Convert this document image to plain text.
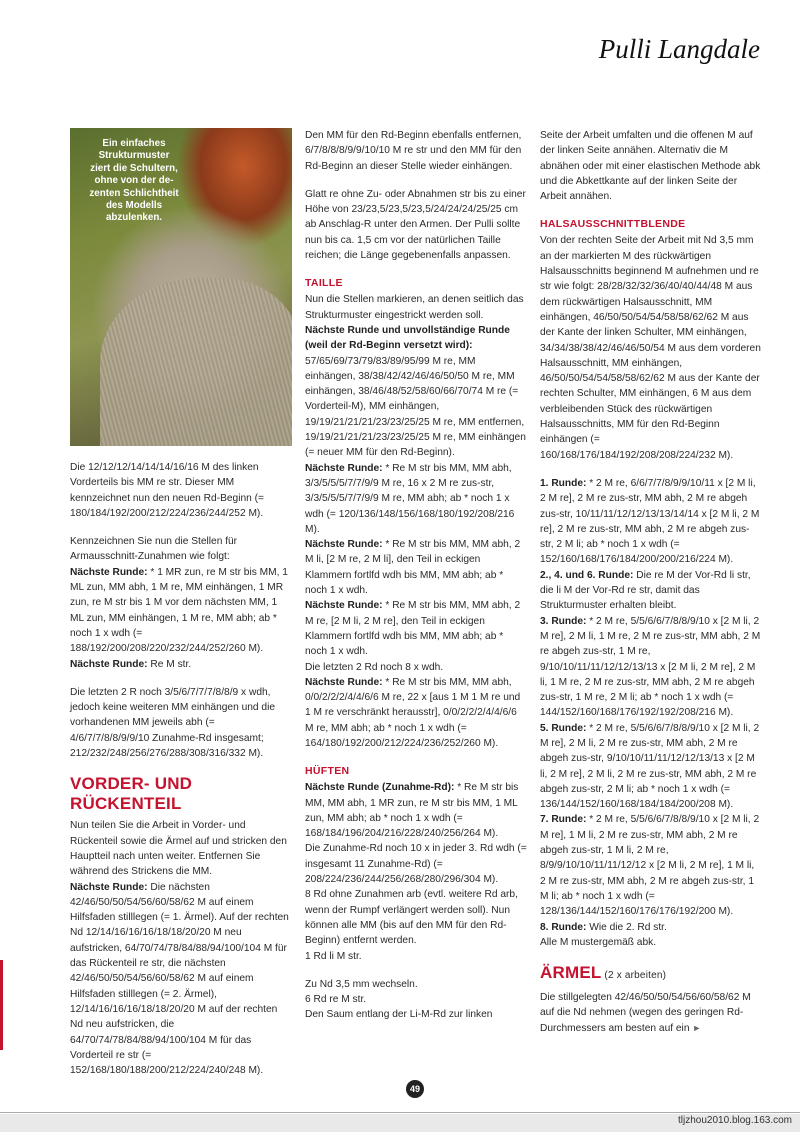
Pulli Langdale
Ein einfaches
Strukturmuster
ziert die Schultern,
ohne von der de-
zenten Schlichtheit
des Modells
abzulenken.

Die 12/12/12/14/14/14/16/16 M des linken Vorderteils bis MM re str. Dieser MM kennzeichnet nun den neuen Rd-Beginn (= 180/184/192/200/212/224/236/244/252 M).

Kennzeichnen Sie nun die Stellen für Armausschnitt-Zunahmen wie folgt:

Nächste Runde: * 1 MR zun, re M str bis MM, 1 ML zun, MM abh, 1 M re, MM einhängen, 1 MR zun, re M str bis 1 M vor dem nächsten MM, 1 ML zun, MM einhängen, 1 M re, MM abh; ab * noch 1 x wdh (= 188/192/200/208/220/232/244/252/260 M).

Nächste Runde: Re M str.

Die letzten 2 R noch 3/5/6/7/7/7/8/8/9 x wdh, jedoch keine weiteren MM einhängen und die vorhandenen MM jeweils abh (= 4/6/7/7/8/8/9/9/10 Zunahme-Rd insgesamt; 212/232/248/256/276/288/308/316/332 M).

VORDER- UND RÜCKENTEIL

Nun teilen Sie die Arbeit in Vorder- und Rückenteil sowie die Ärmel auf und stricken den Hauptteil nach unten weiter. Entfernen Sie während des Strickens die MM.

Nächste Runde: Die nächsten 42/46/50/50/54/56/60/58/62 M auf einem Hilfsfaden stilllegen (= 1. Ärmel). Auf der rechten Nd 12/14/16/16/16/18/18/20/20 M neu aufstricken, 64/70/74/78/84/88/94/100/104 M für das Rückenteil re str, die nächsten 42/46/50/50/54/56/60/58/62 M auf einem Hilfsfaden stilllegen (= 2. Ärmel), 12/14/16/16/16/18/18/20/20 M auf der rechten Nd neu aufstricken, die 64/70/74/78/84/88/94/100/104 M für das Vorderteil re str (= 152/168/180/188/200/212/224/240/248 M).

Den MM für den Rd-Beginn ebenfalls entfernen, 6/7/8/8/8/9/9/10/10 M re str und den MM für den Rd-Beginn an dieser Stelle wieder einhängen.

Glatt re ohne Zu- oder Abnahmen str bis zu einer Höhe von 23/23,5/23,5/23,5/24/24/24/25/25 cm ab Anschlag-R unter den Armen. Der Pulli sollte nun bis ca. 1,5 cm vor der natürlichen Taille reichen; die Länge gegebenenfalls anpassen.

TAILLE

Nun die Stellen markieren, an denen seitlich das Strukturmuster eingestrickt werden soll.

Nächste Runde und unvollständige Runde (weil der Rd-Beginn versetzt wird): 57/65/69/73/79/83/89/95/99 M re, MM einhängen, 38/38/42/42/46/46/50/50 M re, MM einhängen, 38/46/48/52/58/60/66/70/74 M re (= Vorderteil-M), MM einhängen, 19/19/21/21/21/23/23/25/25 M re, MM entfernen, 19/19/21/21/21/23/23/25/25 M re, MM einhängen (= neuer MM für den Rd-Beginn).

Nächste Runde: * Re M str bis MM, MM abh, 3/3/5/5/5/7/7/9/9 M re, 16 x 2 M re zus-str, 3/3/5/5/5/7/7/9/9 M re, MM abh; ab * noch 1 x wdh (= 120/136/148/156/168/180/192/208/216 M).

Nächste Runde: * Re M str bis MM, MM abh, 2 M li, [2 M re, 2 M li], den Teil in eckigen Klammern fortlfd wdh bis MM, MM abh; ab * noch 1 x wdh.

Nächste Runde: * Re M str bis MM, MM abh, 2 M re, [2 M li, 2 M re], den Teil in eckigen Klammern fortlfd wdh bis MM, MM abh; ab * noch 1 x wdh.

Die letzten 2 Rd noch 8 x wdh.

Nächste Runde: * Re M str bis MM, MM abh, 0/0/2/2/2/4/4/6/6 M re, 22 x [aus 1 M 1 M re und 1 M re verschränkt herausstr], 0/0/2/2/2/4/4/6/6 M re, MM abh; ab * noch 1 x wdh (= 164/180/192/200/212/224/236/252/260 M).

HÜFTEN

Nächste Runde (Zunahme-Rd): * Re M str bis MM, MM abh, 1 MR zun, re M str bis MM, 1 ML zun, MM abh; ab * noch 1 x wdh (= 168/184/196/204/216/228/240/256/264 M).

Die Zunahme-Rd noch 10 x in jeder 3. Rd wdh (= insgesamt 11 Zunahme-Rd) (= 208/224/236/244/256/268/280/296/304 M).

8 Rd ohne Zunahmen arb (evtl. weitere Rd arb, wenn der Rumpf verlängert werden soll). Nun können alle MM (bis auf den MM für den Rd-Beginn) entfernt werden.

1 Rd li M str.

Zu Nd 3,5 mm wechseln.

6 Rd re M str.

Den Saum entlang der Li-M-Rd zur linken

Seite der Arbeit umfalten und die offenen M auf der linken Seite annähen. Alternativ die M abnähen oder mit einer elastischen Methode abk und die Abkettkante auf der linken Seite der Arbeit annähen.

HALSAUSSCHNITTBLENDE

Von der rechten Seite der Arbeit mit Nd 3,5 mm an der markierten M des rückwärtigen Halsausschnitts beginnend M aufnehmen und re str wie folgt: 28/28/32/32/36/40/40/44/48 M aus dem rückwärtigen Halsausschnitt, MM einhängen, 46/50/50/54/54/58/58/62/62 M aus der Kante der linken Schulter, MM einhängen, 34/34/38/38/42/46/46/50/54 M aus dem vorderen Halsausschnitt, MM einhängen, 46/50/50/54/54/58/58/62/62 M aus der Kante der rechten Schulter, MM einhängen, 6 M aus dem verbleibenden Stück des rückwärtigen Halsausschnitts, MM für den Rd-Beginn einhängen (= 160/168/176/184/192/208/208/224/232 M).

1. Runde: * 2 M re, 6/6/7/7/8/9/9/10/11 x [2 M li, 2 M re], 2 M re zus-str, MM abh, 2 M re abgeh zus-str, 10/11/11/12/12/13/13/14/14 x [2 M li, 2 M re], 2 M re zus-str, MM abh, 2 M re abgeh zus-str, 2 M li; ab * noch 1 x wdh (= 152/160/168/176/184/200/200/216/224 M).

2., 4. und 6. Runde: Die re M der Vor-Rd li str, die li M der Vor-Rd re str, damit das Strukturmuster erhalten bleibt.

3. Runde: * 2 M re, 5/5/6/6/7/8/8/9/10 x [2 M li, 2 M re], 2 M li, 1 M re, 2 M re zus-str, MM abh, 2 M re abgeh zus-str, 1 M re, 9/10/10/11/11/12/12/13/13 x [2 M li, 2 M re], 2 M li, 1 M re, 2 M re zus-str, MM abh, 2 M re abgeh zus-str, 1 M re, 2 M li; ab * noch 1 x wdh (= 144/152/160/168/176/192/192/208/216 M).

5. Runde: * 2 M re, 5/5/6/6/7/8/8/9/10 x [2 M li, 2 M re], 2 M li, 2 M re zus-str, MM abh, 2 M re abgeh zus-str, 9/10/10/11/11/12/12/13/13 x [2 M li, 2 M re], 2 M li, 2 M re zus-str, MM abh, 2 M re abgeh zus-str, 2 M li; ab * noch 1 x wdh (= 136/144/152/160/168/184/184/200/208 M).

7. Runde: * 2 M re, 5/5/6/6/7/8/8/9/10 x [2 M li, 2 M re], 1 M li, 2 M re zus-str, MM abh, 2 M re abgeh zus-str, 1 M li, 2 M re, 8/9/9/10/10/11/11/12/12 x [2 M li, 2 M re], 1 M li, 2 M re zus-str, MM abh, 2 M re abgeh zus-str, 1 M li; ab * noch 1 x wdh (= 128/136/144/152/160/176/176/192/200 M).

8. Runde: Wie die 2. Rd str.

Alle M mustergemäß abk.

ÄRMEL (2 x arbeiten)

Die stillgelegten 42/46/50/50/54/56/60/58/62 M auf die Nd nehmen (wegen des geringen Rd-Durchmessers am besten auf ein ►

49
tljzhou2010.blog.163.com
